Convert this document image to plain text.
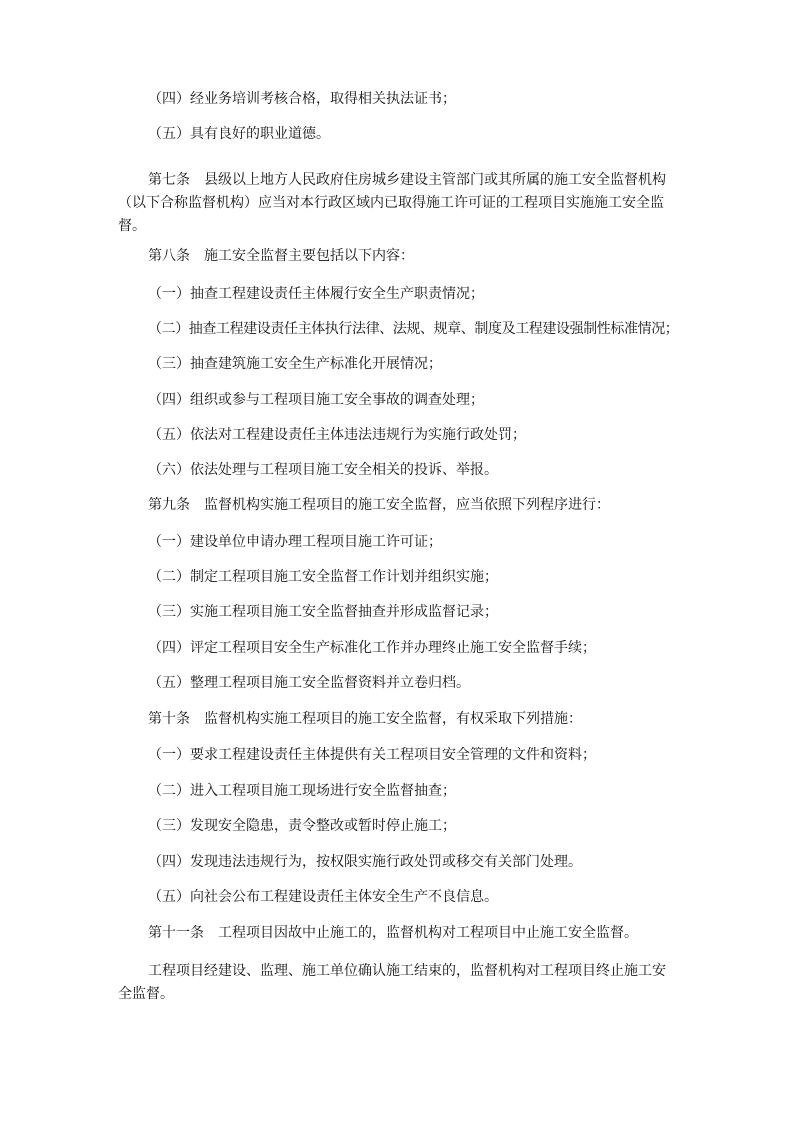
（四）经业务培训考核合格，取得相关执法证书；

（五）具有良好的职业道德。

第七条 县级以上地方人民政府住房城乡建设主管部门或其所属的施工安全监督机构（以下合称监督机构）应当对本行政区域内已取得施工许可证的工程项目实施施工安全监督。

第八条 施工安全监督主要包括以下内容：

（一）抽查工程建设责任主体履行安全生产职责情况；

（二）抽查工程建设责任主体执行法律、法规、规章、制度及工程建设强制性标准情况；

（三）抽查建筑施工安全生产标准化开展情况；

（四）组织或参与工程项目施工安全事故的调查处理；

（五）依法对工程建设责任主体违法违规行为实施行政处罚；

（六）依法处理与工程项目施工安全相关的投诉、举报。

第九条 监督机构实施工程项目的施工安全监督，应当依照下列程序进行：

（一）建设单位申请办理工程项目施工许可证；

（二）制定工程项目施工安全监督工作计划并组织实施；

（三）实施工程项目施工安全监督抽查并形成监督记录；

（四）评定工程项目安全生产标准化工作并办理终止施工安全监督手续；

（五）整理工程项目施工安全监督资料并立卷归档。

第十条 监督机构实施工程项目的施工安全监督，有权采取下列措施：

（一）要求工程建设责任主体提供有关工程项目安全管理的文件和资料；

（二）进入工程项目施工现场进行安全监督抽查；

（三）发现安全隐患，责令整改或暂时停止施工；

（四）发现违法违规行为，按权限实施行政处罚或移交有关部门处理。

（五）向社会公布工程建设责任主体安全生产不良信息。

第十一条 工程项目因故中止施工的，监督机构对工程项目中止施工安全监督。

工程项目经建设、监理、施工单位确认施工结束的，监督机构对工程项目终止施工安全监督。
